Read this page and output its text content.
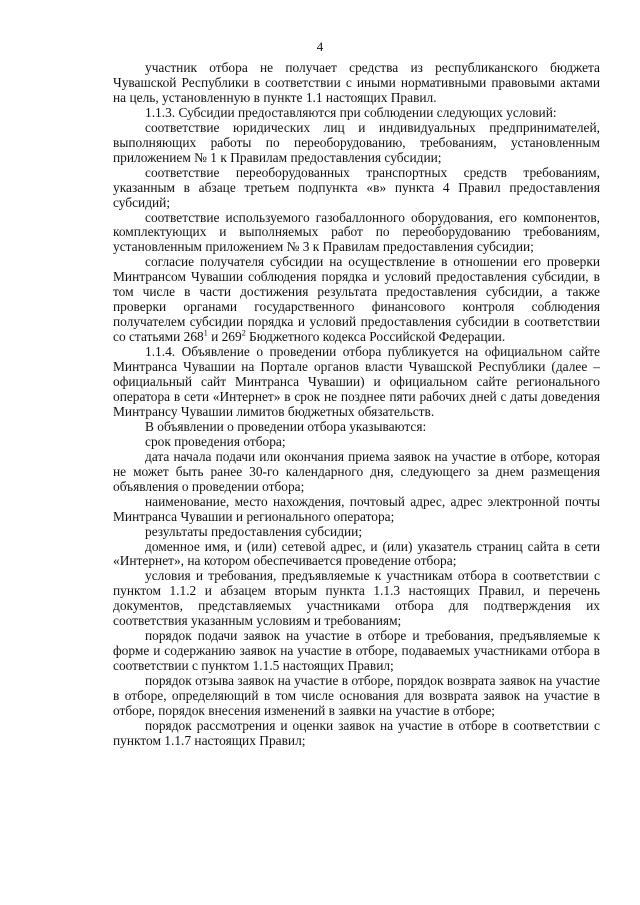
4

участник отбора не получает средства из республиканского бюджета Чувашской Республики в соответствии с иными нормативными правовыми актами на цель, установленную в пункте 1.1 настоящих Правил.

1.1.3. Субсидии предоставляются при соблюдении следующих условий:

соответствие юридических лиц и индивидуальных предпринимателей, выполняющих работы по переоборудованию, требованиям, установленным приложением № 1 к Правилам предоставления субсидии;

соответствие переоборудованных транспортных средств требованиям, указанным в абзаце третьем подпункта «в» пункта 4 Правил предоставления субсидий;

соответствие используемого газобаллонного оборудования, его компонентов, комплектующих и выполняемых работ по переоборудованию требованиям, установленным приложением № 3 к Правилам предоставления субсидии;

согласие получателя субсидии на осуществление в отношении его проверки Минтрансом Чувашии соблюдения порядка и условий предоставления субсидии, в том числе в части достижения результата предоставления субсидии, а также проверки органами государственного финансового контроля соблюдения получателем субсидии порядка и условий предоставления субсидии в соответствии со статьями $268^1$ и $269^2$ Бюджетного кодекса Российской Федерации.

1.1.4. Объявление о проведении отбора публикуется на официальном сайте Минтранса Чувашии на Портале органов власти Чувашской Республики (далее – официальный сайт Минтранса Чувашии) и официальном сайте регионального оператора в сети «Интернет» в срок не позднее пяти рабочих дней с даты доведения Минтрансу Чувашии лимитов бюджетных обязательств.

В объявлении о проведении отбора указываются:

срок проведения отбора;

дата начала подачи или окончания приема заявок на участие в отборе, которая не может быть ранее 30-го календарного дня, следующего за днем размещения объявления о проведении отбора;

наименование, место нахождения, почтовый адрес, адрес электронной почты Минтранса Чувашии и регионального оператора;

результаты предоставления субсидии;

доменное имя, и (или) сетевой адрес, и (или) указатель страниц сайта в сети «Интернет», на котором обеспечивается проведение отбора;

условия и требования, предъявляемые к участникам отбора в соответствии с пунктом 1.1.2 и абзацем вторым пункта 1.1.3 настоящих Правил, и перечень документов, представляемых участниками отбора для подтверждения их соответствия указанным условиям и требованиям;

порядок подачи заявок на участие в отборе и требования, предъявляемые к форме и содержанию заявок на участие в отборе, подаваемых участниками отбора в соответствии с пунктом 1.1.5 настоящих Правил;

порядок отзыва заявок на участие в отборе, порядок возврата заявок на участие в отборе, определяющий в том числе основания для возврата заявок на участие в отборе, порядок внесения изменений в заявки на участие в отборе;

порядок рассмотрения и оценки заявок на участие в отборе в соответствии с пунктом 1.1.7 настоящих Правил;
